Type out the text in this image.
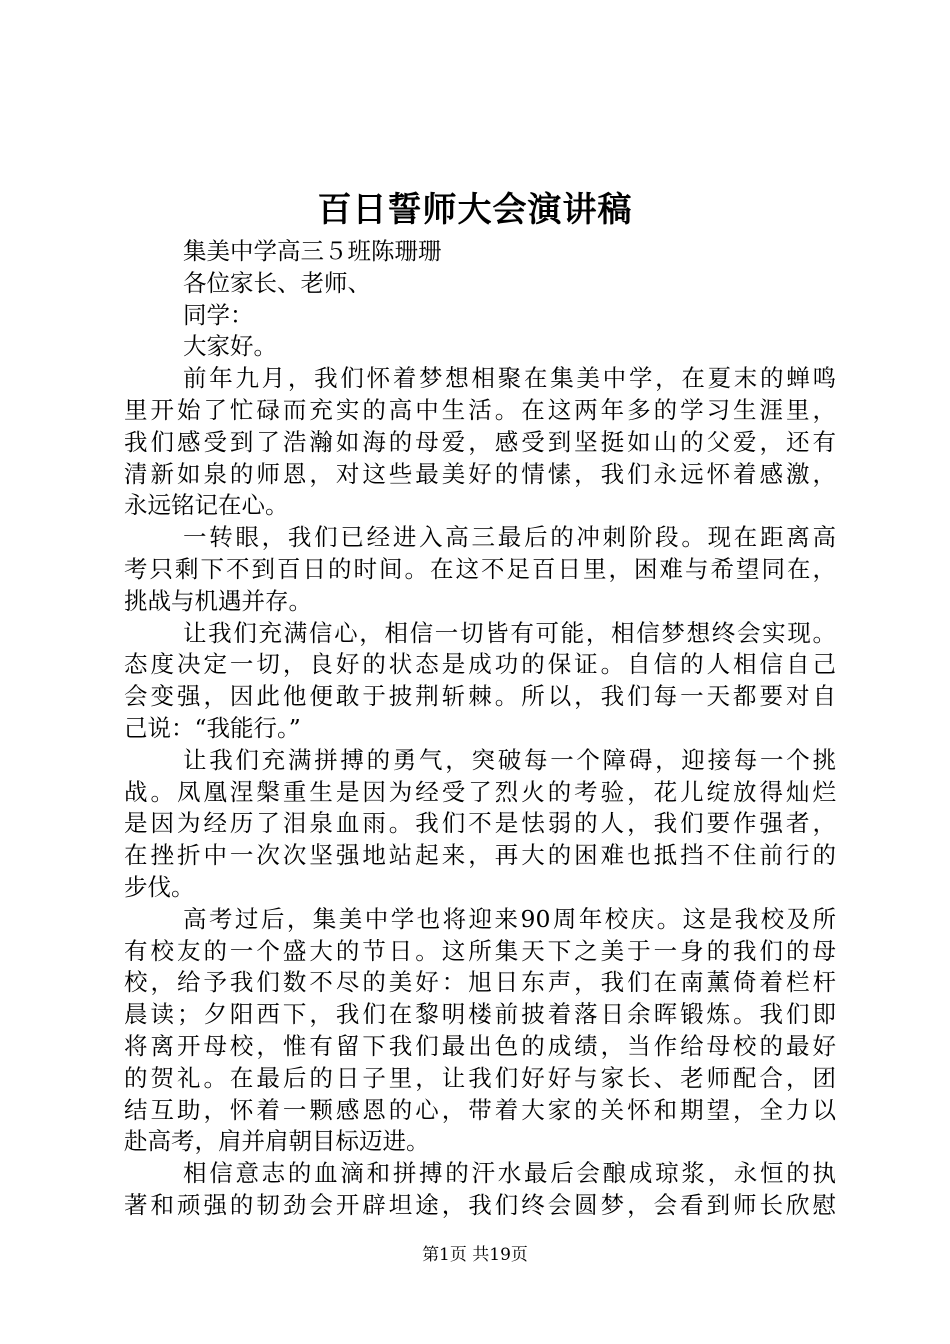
百日誓师大会演讲稿
集美中学高三５班陈珊珊
各位家长、老师、
同学：
大家好。
前年九月，我们怀着梦想相聚在集美中学，在夏末的蝉鸣
里开始了忙碌而充实的高中生活。在这两年多的学习生涯里，
我们感受到了浩瀚如海的母爱，感受到坚挺如山的父爱，还有
清新如泉的师恩，对这些最美好的情愫，我们永远怀着感激，
永远铭记在心。
一转眼，我们已经进入高三最后的冲刺阶段。现在距离高
考只剩下不到百日的时间。在这不足百日里，困难与希望同在，
挑战与机遇并存。
让我们充满信心，相信一切皆有可能，相信梦想终会实现。
态度决定一切，良好的状态是成功的保证。自信的人相信自己
会变强，因此他便敢于披荆斩棘。所以，我们每一天都要对自
己说：“我能行。”
让我们充满拼搏的勇气，突破每一个障碍，迎接每一个挑
战。凤凰涅槃重生是因为经受了烈火的考验，花儿绽放得灿烂
是因为经历了泪泉血雨。我们不是怯弱的人，我们要作强者，
在挫折中一次次坚强地站起来，再大的困难也抵挡不住前行的
步伐。
高考过后，集美中学也将迎来90周年校庆。这是我校及所
有校友的一个盛大的节日。这所集天下之美于一身的我们的母
校，给予我们数不尽的美好：旭日东声，我们在南薰倚着栏杆
晨读；夕阳西下，我们在黎明楼前披着落日余晖锻炼。我们即
将离开母校，惟有留下我们最出色的成绩，当作给母校的最好
的贺礼。在最后的日子里，让我们好好与家长、老师配合，团
结互助，怀着一颗感恩的心，带着大家的关怀和期望，全力以
赴高考，肩并肩朝目标迈进。
相信意志的血滴和拼搏的汗水最后会酿成琼浆，永恒的执
著和顽强的韧劲会开辟坦途，我们终会圆梦，会看到师长欣慰
第1页 共19页
